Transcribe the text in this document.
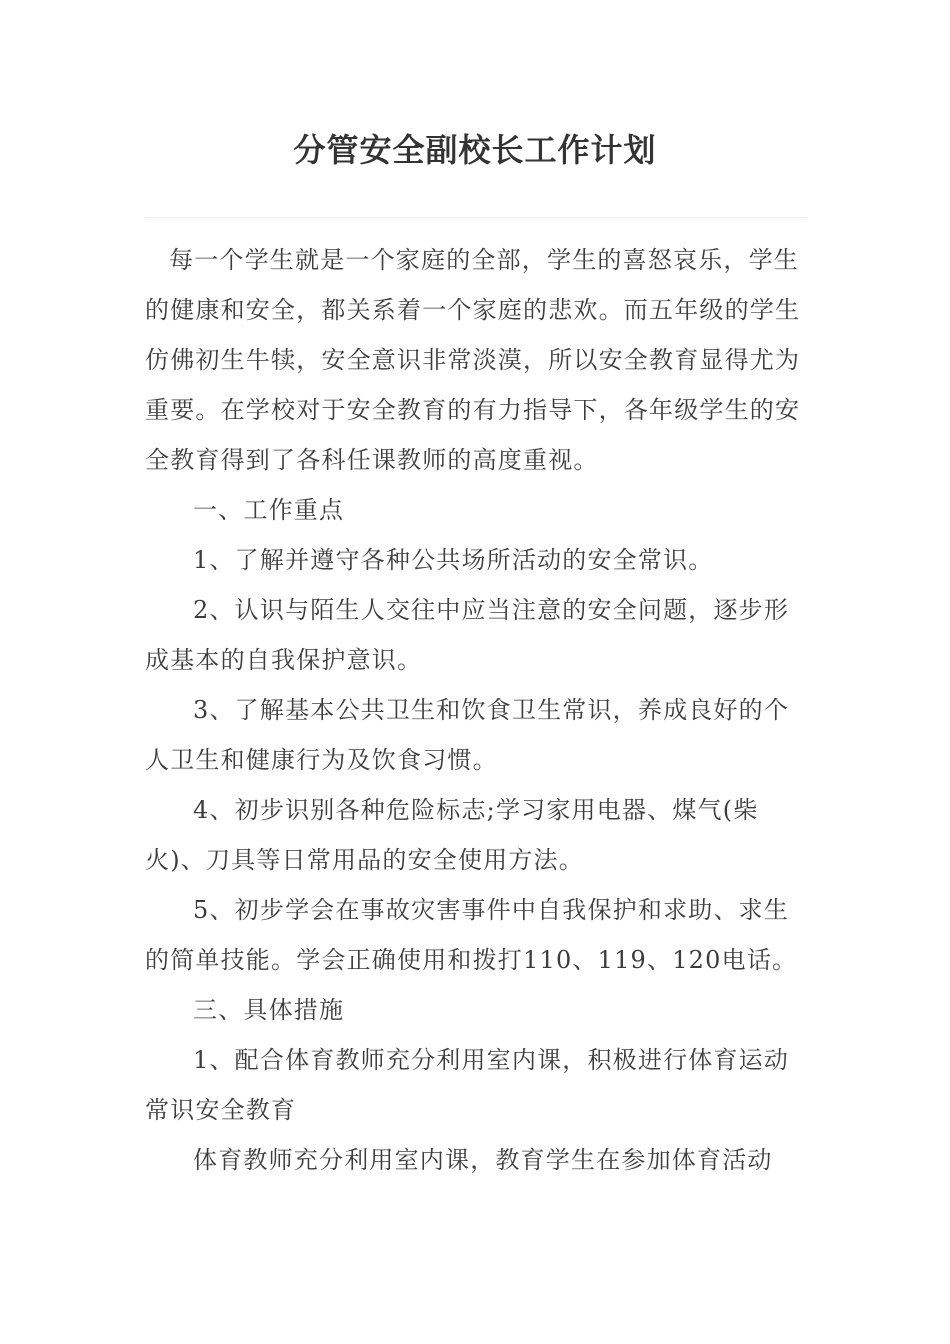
分管安全副校长工作计划

每一个学生就是一个家庭的全部，学生的喜怒哀乐，学生的健康和安全，都关系着一个家庭的悲欢。而五年级的学生仿佛初生牛犊，安全意识非常淡漠，所以安全教育显得尤为重要。在学校对于安全教育的有力指导下，各年级学生的安全教育得到了各科任课教师的高度重视。

一、工作重点

1、了解并遵守各种公共场所活动的安全常识。

2、认识与陌生人交往中应当注意的安全问题，逐步形成基本的自我保护意识。

3、了解基本公共卫生和饮食卫生常识，养成良好的个人卫生和健康行为及饮食习惯。

4、初步识别各种危险标志;学习家用电器、煤气(柴火)、刀具等日常用品的安全使用方法。

5、初步学会在事故灾害事件中自我保护和求助、求生的简单技能。学会正确使用和拨打110、119、120电话。

三、具体措施

1、配合体育教师充分利用室内课，积极进行体育运动常识安全教育

体育教师充分利用室内课，教育学生在参加体育活动
